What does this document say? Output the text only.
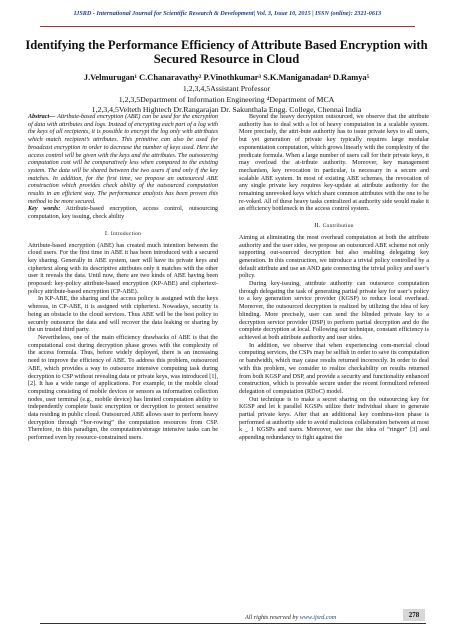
IJSRD - International Journal for Scientific Research & Development| Vol. 3, Issue 10, 2015 | ISSN (online): 2321-0613
Identifying the Performance Efficiency of Attribute Based Encryption with Secured Resource in Cloud
J.Velmurugan¹ C.Chanaravathy² P.Vinothkumar³ S.K.Maniganadan⁴ D.Ramya⁵
1,2,3,4,5Assistant Professor
1,2,3,5Department of Information Engineering ⁴Department of MCA
1,2,3,4,5Velteth Hightech Dr.Rangarajan Dr. Sakunthala Engg. College, Chennai India

Abstract— Attribute-based encryption (ABE) can be used for the encryption of data with attributes and logs. Instead of encrypting each part of a log with the keys of all recipients, it is possible to encrypt the log only with attributes which match recipient’s attributes. This primitive can also be used for broadcast encryption in order to decrease the number of keys used. Here the access control will be given with the keys and the attributes. The outsourcing computation cost will be comparatively less when compared to the existing system. The data will be shared between the two users if and only if the key matches. In addition, for the first time, we propose an outsourced ABE construction which provides check ability of the outsourced computation results in an efficient way. The performance analysis has been proven this method to be more secured.

Key words: Attribute-based encryption, access control, outsourcing computation, key issuing, check ability

I. Introduction

Attribute-based encryption (ABE) has created much intention between the cloud users. For the first time in ABE it has been introduced with a secured key sharing. Generally in ABE system, user will have its private keys and ciphertext along with its descriptive attributes only it matches with the other user it reveals the data. Until now, there are two kinds of ABE having been proposed: key-policy attribute-based encryption (KP-ABE) and ciphertext-policy attribute-based encryption (CP-ABE).

In KP-ABE, the sharing and the access policy is assigned with the keys whereas, in CP-ABE, it is assigned with ciphertext. Nowadays, security is being an obstacle to the cloud services. Thus ABE will be the best policy to securely outsource the data and will recover the data leaking or sharing by the un trusted third party.

Nevertheless, one of the main efficiency drawbacks of ABE is that the computational cost during decryption phase grows with the complexity of the access formula. Thus, before widely deployed, there is an increasing need to improve the efficiency of ABE. To address this problem, outsourced ABE, which provides a way to outsource intensive computing task during decryption to CSP without revealing data or private keys, was introduced [1], [2]. It has a wide range of applications. For example, in the mobile cloud computing consisting of mobile devices or sensors as information collection nodes, user terminal (e.g., mobile device) has limited computation ability to independently complete basic encryption or decryption to protect sensitive data residing in public cloud. Outsourced ABE allows user to perform heavy decryption through “bor-rowing” the computation resources from CSP. Therefore, in this paradigm, the computation/storage intensive tasks can be performed even by resource-constrained users.

Beyond the heavy decryption outsourced, we observe that the attribute authority has to deal with a lot of heavy computation in a scalable system. More precisely, the attri-bute authority has to issue private keys to all users, but yet generation of private key typically requires large modular exponentiation computation, which grows linearly with the complexity of the predicate formula. When a large number of users call for their private keys, it may overload the at-tribute authority. Moreover, key management mechanism, key revocation in particular, is necessary in a secure and scalable ABE system. In most of existing ABE schemes, the revocation of any single private key requires key-update at attribute authority for the remaining unrevoked keys which share common attributes with the one to be re-voked. All of these heavy tasks centralized at authority side would make it an efficiency bottleneck in the access control system.

II. Contribution

Aiming at eliminating the most overhead computation at both the attribute authority and the user sides, we propose an outsourced ABE scheme not only supporting out-sourced decryption but also enabling delegating key generation. In this construction, we introduce a trivial policy controlled by a default attribute and use an AND gate connecting the trivial policy and user’s policy.

During key-issuing, attribute authority can outsource computation through delegating the task of generating partial private key for user’s policy to a key generation service provider (KGSP) to reduce local overhead. Moreover, the outsourced decryption is realized by utilizing the idea of key blinding. More precisely, user can send the blinded private key to a decryption service provider (DSP) to perform partial decryption and do the complete decryption at local. Following our technique, constant efficiency is achieved at both attribute authority and user sides.

In addition, we observe that when experiencing com-mercial cloud computing services, the CSPs may be selfish in order to save its computation or bandwidth, which may cause results returned incorrectly. In order to deal with this problem, we consider to realize checkability on results returned from both KGSP and DSP, and provide a security and functionality enhanced construction, which is provable secure under the recent formulized refereed delegation of computation (RDoC) model.

Out technique is to make a secret sharing on the outsourcing key for KGSP and let k parallel KGSPs utilize their individual share to generate partial private keys. After that an additional key combina-tion phase is performed at authority side to avoid malicious collaboration between at most k _ 1 KGSPs and users. Moreover, we use the idea of “ringer” [3] and appending redundancy to fight against the

All rights reserved by www.ijsrd.com	278
